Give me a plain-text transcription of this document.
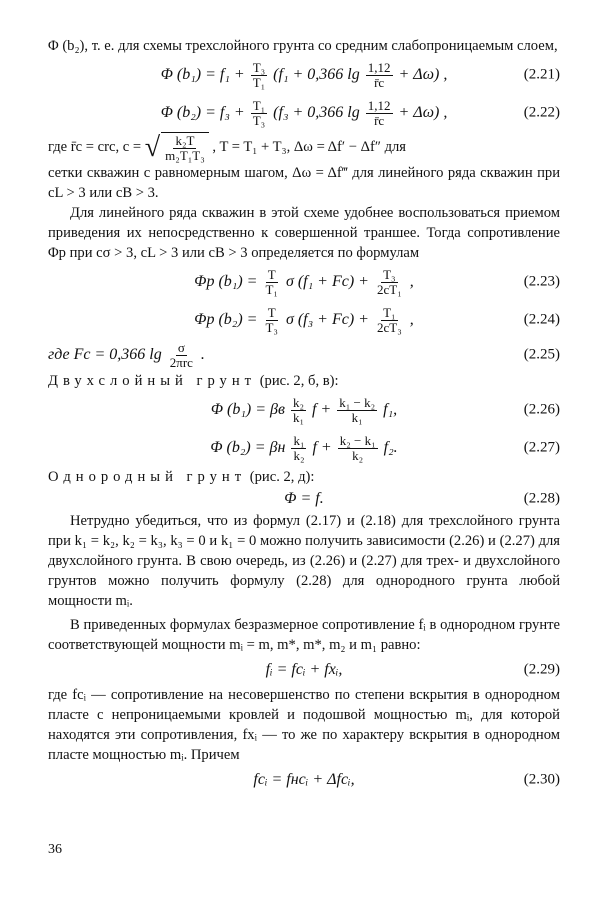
Φ (b₂), т. е. для схемы трехслойного грунта со средним слабопроницаемым слоем,

Φ $(b_1) = f_1 + \frac{\text{T₃}}{\text{T₁}} (f_1 + 0,366$ $\lg \frac{1,12}{r̄c} + \Delta\omega$) ,	(2.21)
Φ $(b_2) = f_3 + \frac{\text{T₁}}{\text{T₃}} (f_3 + 0,366$ $\lg \frac{1,12}{r̄c} + \Delta\omega$) ,	(2.22)

где r̄c = crc, c = √ $\frac{\text{k₂T}}{\text{m₂T₁T₃}}$ , T = T₁ + T₃, Δω = Δf′ − Δf″ для
сетки скважин с равномерным шагом, Δω = Δf‴ для линейного ряда скважин при cL > 3 или cB > 3.

Для линейного ряда скважин в этой схеме удобнее воспользоваться приемом приведения их непосредственно к совершенной траншее. Тогда сопротивление Φp при cσ > 3, cL > 3 или cB > 3 определяется по формулам

Φp $(b_1) = \frac{T}{\text{T₁}}$ σ $(f_1 + Fc) + \frac{\text{T₃}}{\text{2cT₁}}$ ,	(2.23)
Φp $(b_2) = \frac{T}{\text{T₃}}$ σ $(f_3 + Fc) + \frac{\text{T₁}}{\text{2cT₃}}$ ,	(2.24)
где Fc = 0,366 $\lg \frac{\sigma}{\text{2πrc}}$ .	(2.25)

Двухслойный грунт (рис. 2, б, в):

Φ (b₁) = βв $\frac{\text{k₂}}{\text{k₁}}$ $f + \frac{\text{k₁ − k₂}}{\text{k₁}} f_1$,	(2.26)
Φ (b₂) = βн $\frac{\text{k₁}}{\text{k₂}}$ $f + \frac{\text{k₂ − k₁}}{\text{k₂}} f_2$.	(2.27)

Однородный грунт (рис. 2, д):

Φ = f.	(2.28)

Нетрудно убедиться, что из формул (2.17) и (2.18) для трехслойного грунта при k₁ = k₂, k₂ = k₃, k₃ = 0 и k₁ = 0 можно получить зависимости (2.26) и (2.27) для двухслойного грунта. В свою очередь, из (2.26) и (2.27) для трех- и двухслойного грунтов можно получить формулу (2.28) для однородного грунта любой мощности mᵢ.

В приведенных формулах безразмерное сопротивление fᵢ в однородном грунте соответствующей мощности mᵢ = m, m*, m*, m₂ и m₁ равно:

fᵢ = fcᵢ + fxᵢ,	(2.29)

где fcᵢ — сопротивление на несовершенство по степени вскрытия в однородном пласте с непроницаемыми кровлей и подошвой мощностью mᵢ, для которой находятся эти сопротивления, fxᵢ — то же по характеру вскрытия в однородном пласте мощностью mᵢ. Причем

fcᵢ = fнcᵢ + Δfcᵢ,	(2.30)
36
